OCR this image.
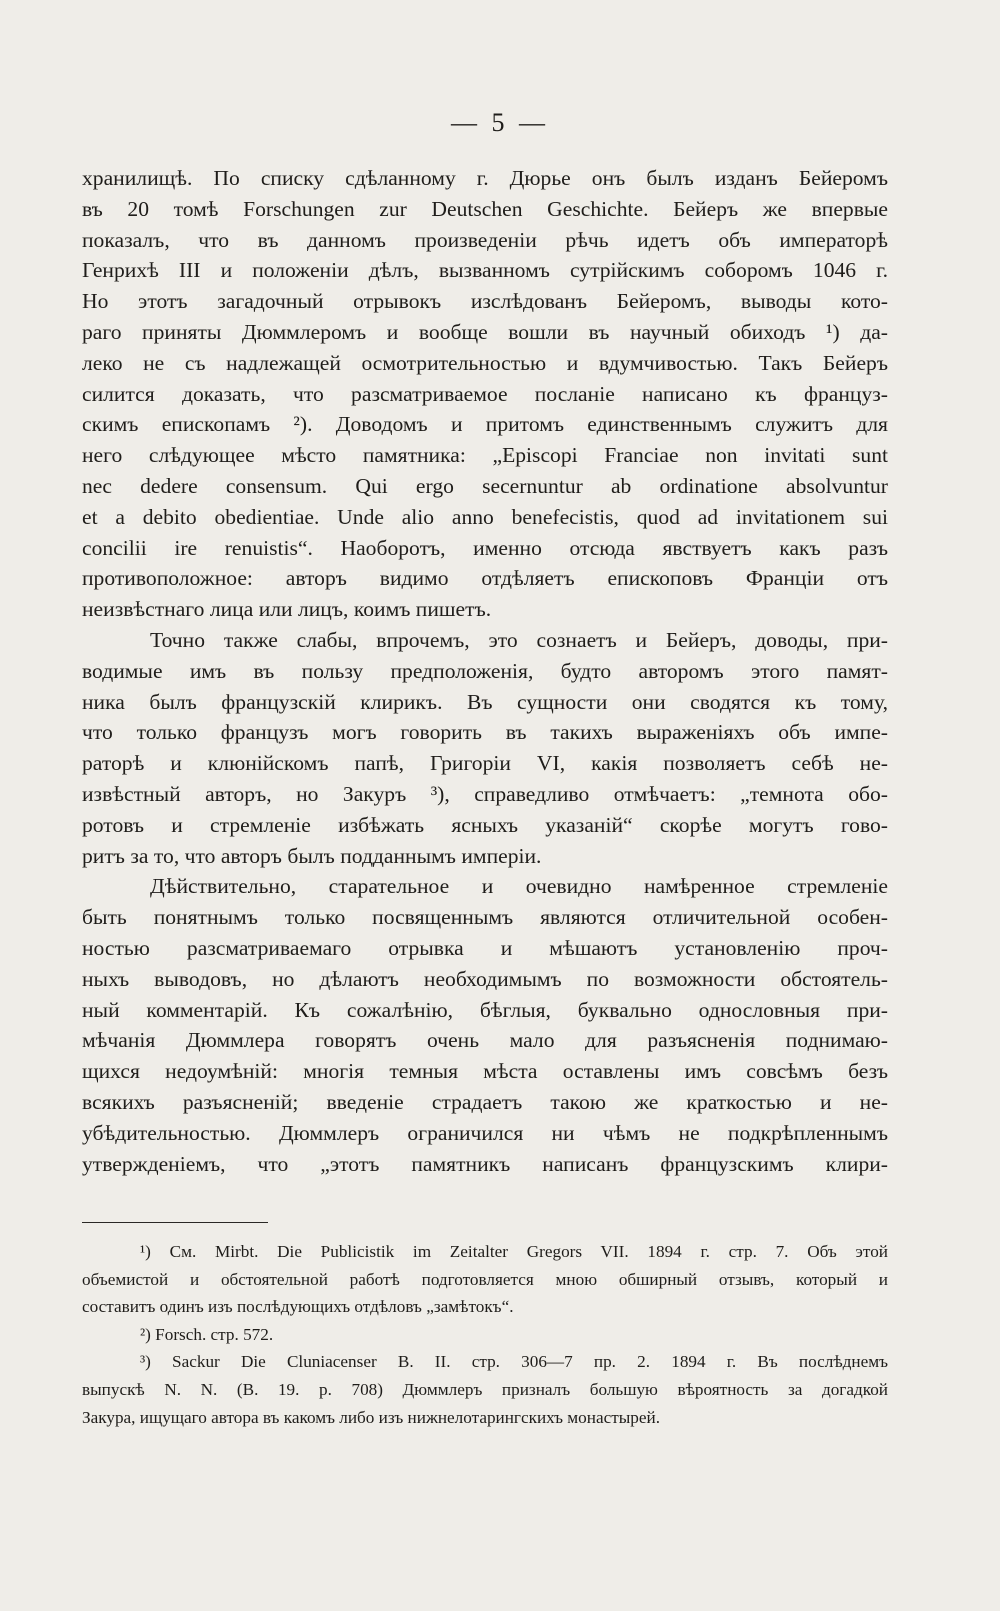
— 5 —
хранилищѣ. По списку сдѣланному г. Дюрье онъ былъ изданъ Бейеромъ
въ 20 томѣ Forschungen zur Deutschen Geschichte. Бейеръ же впервые
показалъ, что въ данномъ произведеніи рѣчь идетъ объ императорѣ
Генрихѣ III и положеніи дѣлъ, вызванномъ сутрійскимъ соборомъ 1046 г.
Но этотъ загадочный отрывокъ изслѣдованъ Бейеромъ, выводы кото-
раго приняты Дюммлеромъ и вообще вошли въ научный обиходъ ¹) да-
леко не съ надлежащей осмотрительностью и вдумчивостью. Такъ Бейеръ
силится доказать, что разсматриваемое посланіе написано къ француз-
скимъ епископамъ ²). Доводомъ и притомъ единственнымъ служитъ для
него слѣдующее мѣсто памятника: „Episcopi Franciae non invitati sunt
nec dedere consensum. Qui ergo secernuntur ab ordinatione absolvuntur
et a debito obedientiae. Unde alio anno benefecistis, quod ad invitationem sui
concilii ire renuistis“. Наоборотъ, именно отсюда явствуетъ какъ разъ
противоположное: авторъ видимо отдѣляетъ епископовъ Франціи отъ
неизвѣстнаго лица или лицъ, коимъ пишетъ.
Точно также слабы, впрочемъ, это сознаетъ и Бейеръ, доводы, при-
водимые имъ въ пользу предположенія, будто авторомъ этого памят-
ника былъ французскій клирикъ. Въ сущности они сводятся къ тому,
что только французъ могъ говорить въ такихъ выраженіяхъ объ импе-
раторѣ и клюнійскомъ папѣ, Григоріи VI, какія позволяетъ себѣ не-
извѣстный авторъ, но Закуръ ³), справедливо отмѣчаетъ: „темнота обо-
ротовъ и стремленіе избѣжать ясныхъ указаній“ скорѣе могутъ гово-
ритъ за то, что авторъ былъ подданнымъ имперіи.
Дѣйствительно, старательное и очевидно намѣренное стремленіе
быть понятнымъ только посвященнымъ являются отличительной особен-
ностью разсматриваемаго отрывка и мѣшаютъ установленію проч-
ныхъ выводовъ, но дѣлаютъ необходимымъ по возможности обстоятель-
ный комментарій. Къ сожалѣнію, бѣглыя, буквально однословныя при-
мѣчанія Дюммлера говорятъ очень мало для разъясненія поднимаю-
щихся недоумѣній: многія темныя мѣста оставлены имъ совсѣмъ безъ
всякихъ разъясненій; введеніе страдаетъ такою же краткостью и не-
убѣдительностью. Дюммлеръ ограничился ни чѣмъ не подкрѣпленнымъ
утвержденіемъ, что „этотъ памятникъ написанъ французскимъ клири-
¹) См. Mirbt. Die Publicistik im Zeitalter Gregors VII. 1894 г. стр. 7. Объ этой
объемистой и обстоятельной работѣ подготовляется мною обширный отзывъ, который и
составитъ одинъ изъ послѣдующихъ отдѣловъ „замѣтокъ“.
²) Forsch. стр. 572.
³) Sackur Die Cluniacenser B. II. стр. 306—7 пр. 2. 1894 г. Въ послѣднемъ
выпускѣ N. N. (B. 19. p. 708) Дюммлеръ призналъ большую вѣроятность за догадкой
Закура, ищущаго автора въ какомъ либо изъ нижнелотарингскихъ монастырей.
